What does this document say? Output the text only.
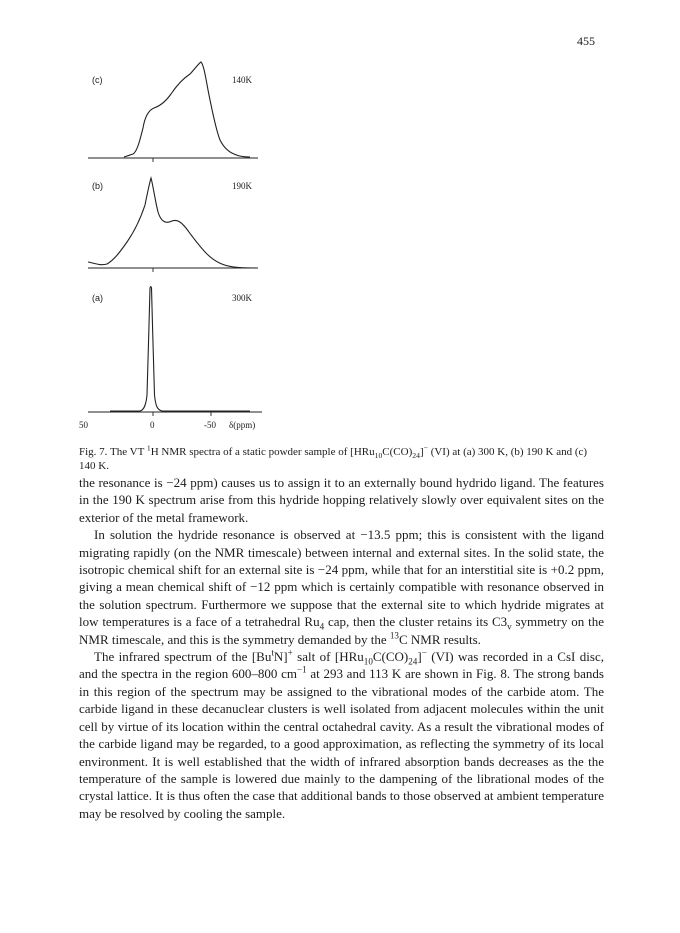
455
(c)	140K
(b)	190K
(a)	300K
50	0	-50 δ(ppm)
Fig. 7. The VT $^1$H NMR spectra of a static powder sample of $[HRu_{10}C(CO)_{24}]^-$ (VI) at (a) 300 K, (b) 190 K and (c) 140 K.

the resonance is −24 ppm) causes us to assign it to an externally bound hydrido ligand. The features in the 190 K spectrum arise from this hydride hopping relatively slowly over equivalent sites on the exterior of the metal framework.

In solution the hydride resonance is observed at −13.5 ppm; this is consistent with the ligand migrating rapidly (on the NMR timescale) between internal and external sites. In the solid state, the isotropic chemical shift for an external site is −24 ppm, while that for an interstitial site is +0.2 ppm, giving a mean chemical shift of −12 ppm which is certainly compatible with resonance observed in the solution spectrum. Furthermore we suppose that the external site to which hydride migrates at low temperatures is a face of a tetrahedral $Ru_4$ cap, then the cluster retains its $C3_v$ symmetry on the NMR timescale, and this is the symmetry demanded by the $^{13}$C NMR results.

The infrared spectrum of the [Bu$^t$N]+ salt of $[HRu_{10}C(CO)_{24}]^-$ (VI) was recorded in a CsI disc, and the spectra in the region 600–800 $cm^{-1}$ at 293 and 113 K are shown in Fig. 8. The strong bands in this region of the spectrum may be assigned to the vibrational modes of the carbide atom. The carbide ligand in these decanuclear clusters is well isolated from adjacent molecules within the unit cell by virtue of its location within the central octahedral cavity. As a result the vibrational modes of the carbide ligand may be regarded, to a good approximation, as reflecting the symmetry of its local environment. It is well established that the width of infrared absorption bands decreases as the the temperature of the sample is lowered due mainly to the dampening of the librational modes of the crystal lattice. It is thus often the case that additional bands to those observed at ambient temperature may be resolved by cooling the sample.
